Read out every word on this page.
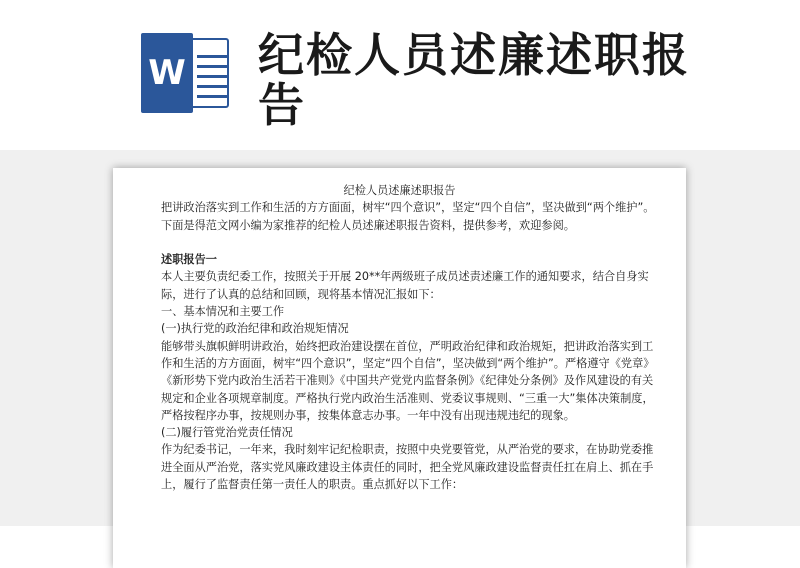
W 纪检人员述廉述职报告
纪检人员述廉述职报告

把讲政治落实到工作和生活的方方面面，树牢“四个意识”，坚定“四个自信”，坚决做到“两个维护”。下面是得范文网小编为家推荐的纪检人员述廉述职报告资料，提供参考，欢迎参阅。

述职报告一

本人主要负责纪委工作，按照关于开展 20**年两级班子成员述责述廉工作的通知要求，结合自身实际，进行了认真的总结和回顾，现将基本情况汇报如下：

一、基本情况和主要工作

(一)执行党的政治纪律和政治规矩情况

能够带头旗帜鲜明讲政治，始终把政治建设摆在首位，严明政治纪律和政治规矩，把讲政治落实到工作和生活的方方面面，树牢“四个意识”，坚定“四个自信”，坚决做到“两个维护”。严格遵守《党章》《新形势下党内政治生活若干准则》《中国共产党党内监督条例》《纪律处分条例》及作风建设的有关规定和企业各项规章制度。严格执行党内政治生活准则、党委议事规则、“三重一大”集体决策制度，严格按程序办事，按规则办事，按集体意志办事。一年中没有出现违规违纪的现象。

(二)履行管党治党责任情况

作为纪委书记，一年来，我时刻牢记纪检职责，按照中央党要管党，从严治党的要求，在协助党委推进全面从严治党，落实党风廉政建设主体责任的同时，把全党风廉政建设监督责任扛在肩上、抓在手上，履行了监督责任第一责任人的职责。重点抓好以下工作：
